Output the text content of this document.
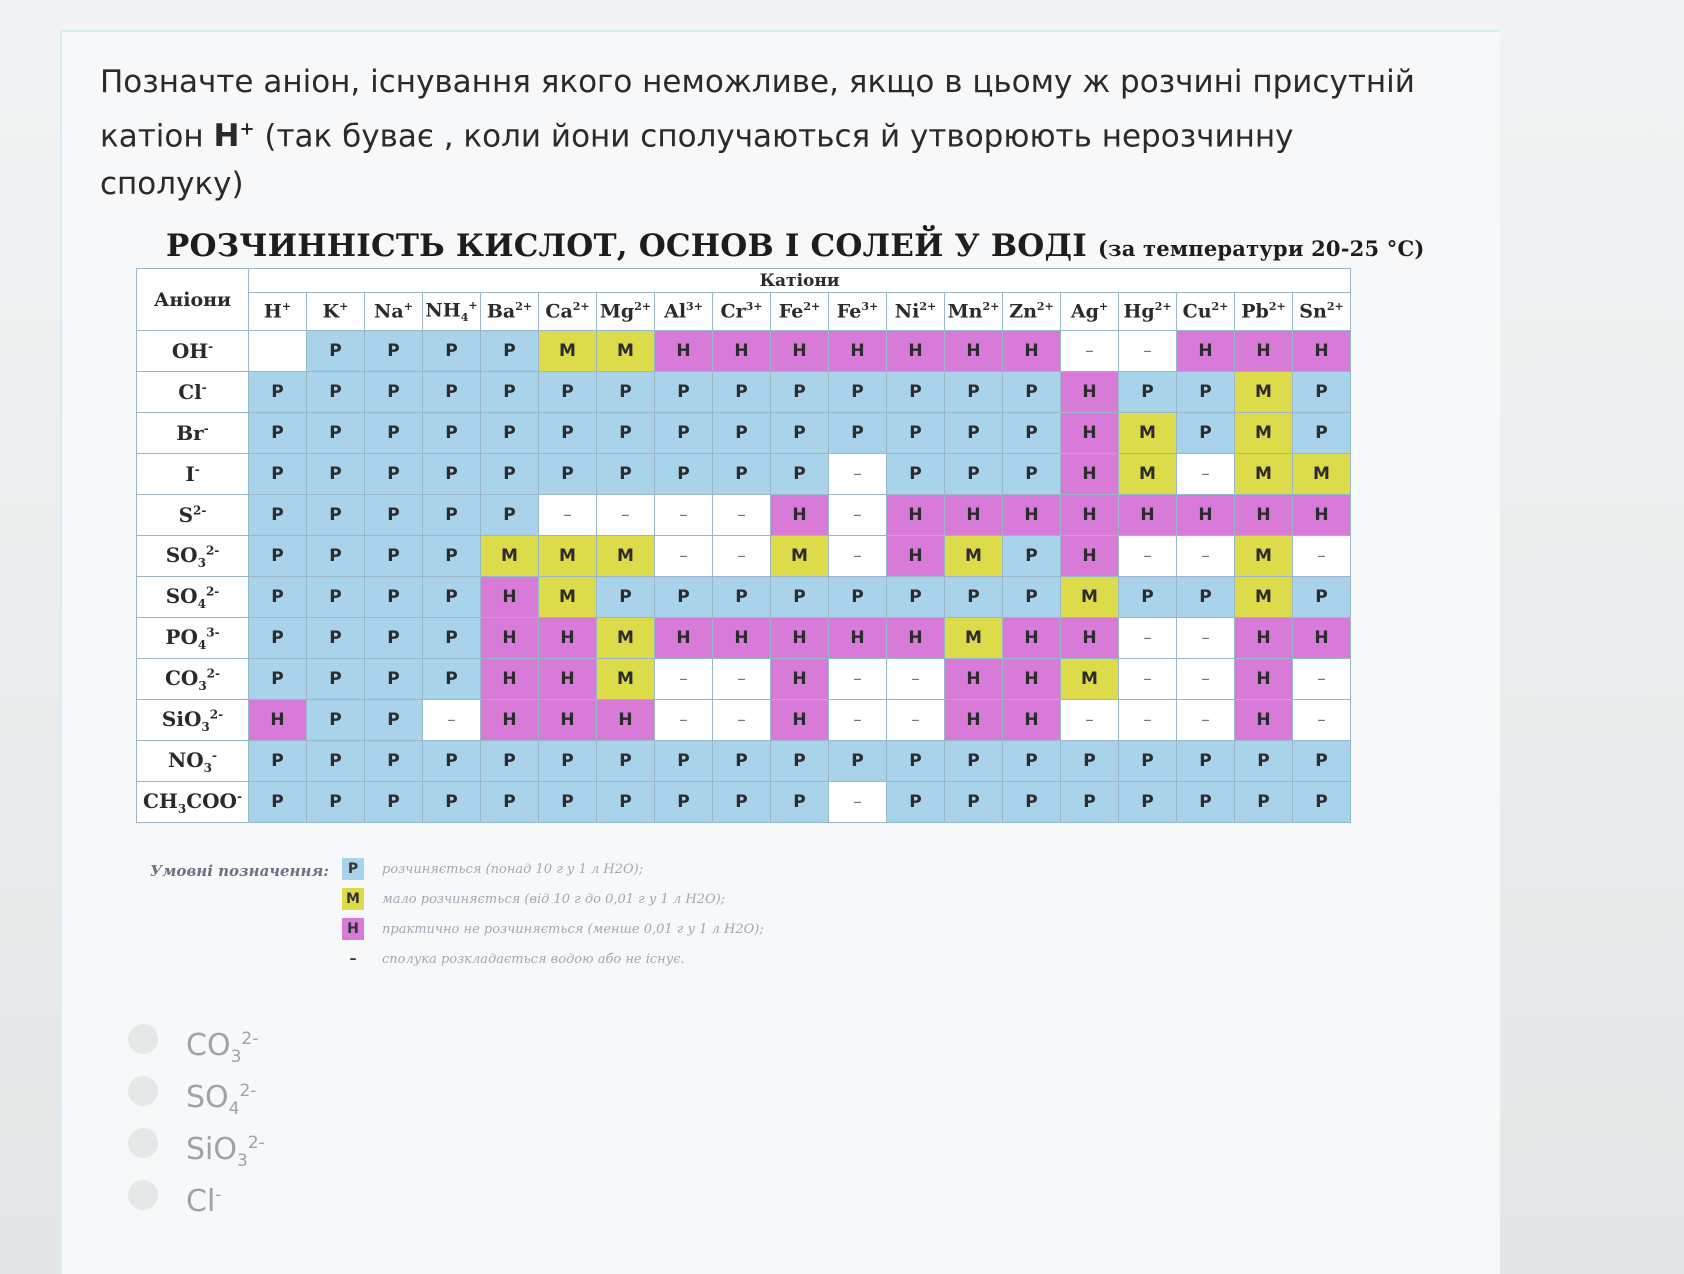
Позначте аніон, існування якого неможливе, якщо в цьому ж розчині присутній
катіон H+ (так буває , коли йони сполучаються й утворюють нерозчинну
сполуку)
РОЗЧИННІСТЬ КИСЛОТ, ОСНОВ І СОЛЕЙ У ВОДІ (за температури 20-25 °С)
Аніони	Катіони																		
	H+	K+	Na+	$NH_4^+$	$Ba^{2+}$	$Ca^{2+}$	$Mg^{2+}$	$Al^{3+}$	$Cr^{3+}$	$Fe^{2+}$	$Fe^{3+}$	$Ni^{2+}$	$Mn^{2+}$	$Zn^{2+}$	Ag+	$Hg^{2+}$	$Cu^{2+}$	$Pb^{2+}$	$Sn^{2+}$
OH-		Р	Р	Р	Р	М	М	Н	Н	Н	Н	Н	Н	Н	–	–	Н	Н	Н
Cl-	Р	Р	Р	Р	Р	Р	Р	Р	Р	Р	Р	Р	Р	Р	Н	Р	Р	М	Р
Br-	Р	Р	Р	Р	Р	Р	Р	Р	Р	Р	Р	Р	Р	Р	Н	М	Р	М	Р
I-	Р	Р	Р	Р	Р	Р	Р	Р	Р	Р	–	Р	Р	Р	Н	М	–	М	М
$S^{2-}$	Р	Р	Р	Р	Р	–	–	–	–	Н	–	Н	Н	Н	Н	Н	Н	Н	Н
$SO_3^{2-}$	Р	Р	Р	Р	М	М	М	–	–	М	–	Н	М	Р	Н	–	–	М	–
$SO_4^{2-}$	Р	Р	Р	Р	Н	М	Р	Р	Р	Р	Р	Р	Р	Р	М	Р	Р	М	Р
$PO_4^{3-}$	Р	Р	Р	Р	Н	Н	М	Н	Н	Н	Н	Н	М	Н	Н	–	–	Н	Н
$CO_3^{2-}$	Р	Р	Р	Р	Н	Н	М	–	–	Н	–	–	Н	Н	М	–	–	Н	–
SiO$_3^{2-}$	Н	Р	Р	–	Н	Н	Н	–	–	Н	–	–	Н	Н	–	–	–	Н	–
$NO_3^-$	Р	Р	Р	Р	Р	Р	Р	Р	Р	Р	Р	Р	Р	Р	Р	Р	Р	Р	Р
$CH_3COO^-$	Р	Р	Р	Р	Р	Р	Р	Р	Р	Р	–	Р	Р	Р	Р	Р	Р	Р	Р
Умовні позначення:	Р розчиняється (понад 10 г у 1 л H2O);
М мало розчиняється (від 10 г до 0,01 г у 1 л H2O);
Н практично не розчиняється (менше 0,01 г у 1 л H2O);
– сполука розкладається водою або не існує.
$CO_3^{2-}$
$SO_4^{2-}$
SiO$_3^{2-}$
Cl-
